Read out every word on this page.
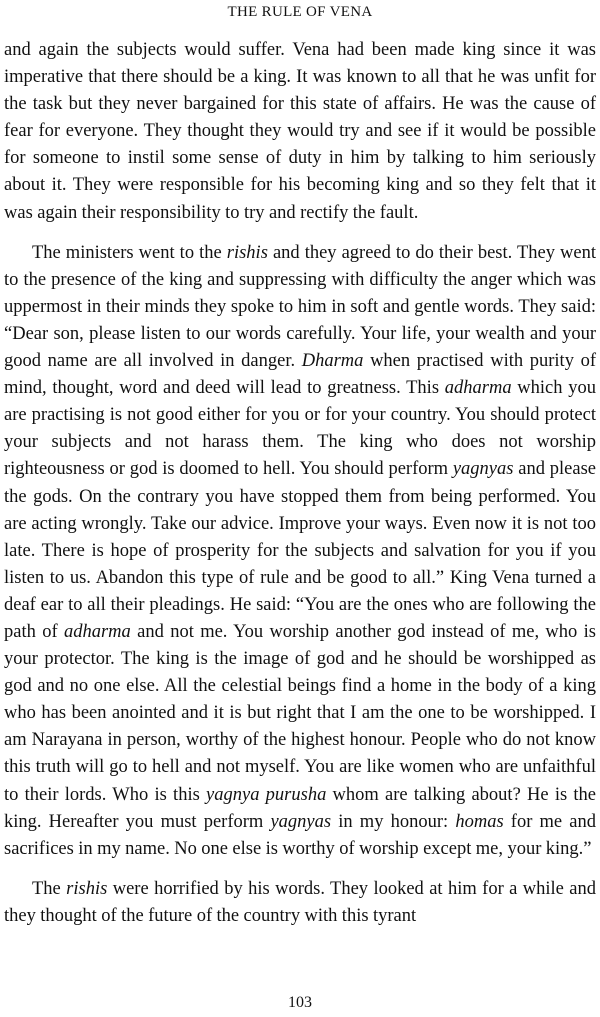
THE RULE OF VENA

and again the subjects would suffer. Vena had been made king since it was imperative that there should be a king. It was known to all that he was unfit for the task but they never bargained for this state of affairs. He was the cause of fear for everyone. They thought they would try and see if it would be possible for someone to instil some sense of duty in him by talking to him seriously about it. They were responsible for his becoming king and so they felt that it was again their responsibility to try and rectify the fault.

The ministers went to the rishis and they agreed to do their best. They went to the presence of the king and suppressing with difficulty the anger which was uppermost in their minds they spoke to him in soft and gentle words. They said: “Dear son, please listen to our words carefully. Your life, your wealth and your good name are all involved in danger. Dharma when practised with purity of mind, thought, word and deed will lead to greatness. This adharma which you are practising is not good either for you or for your country. You should protect your subjects and not harass them. The king who does not worship righteousness or god is doomed to hell. You should perform yagnyas and please the gods. On the contrary you have stopped them from being performed. You are acting wrongly. Take our advice. Improve your ways. Even now it is not too late. There is hope of prosperity for the subjects and salvation for you if you listen to us. Abandon this type of rule and be good to all.” King Vena turned a deaf ear to all their pleadings. He said: “You are the ones who are following the path of adharma and not me. You worship another god instead of me, who is your protector. The king is the image of god and he should be worshipped as god and no one else. All the celestial beings find a home in the body of a king who has been anointed and it is but right that I am the one to be worshipped. I am Narayana in person, worthy of the highest honour. People who do not know this truth will go to hell and not myself. You are like women who are unfaithful to their lords. Who is this yagnya purusha whom are talking about? He is the king. Hereafter you must perform yagnyas in my honour: homas for me and sacrifices in my name. No one else is worthy of worship except me, your king.”

The rishis were horrified by his words. They looked at him for a while and they thought of the future of the country with this tyrant

103
